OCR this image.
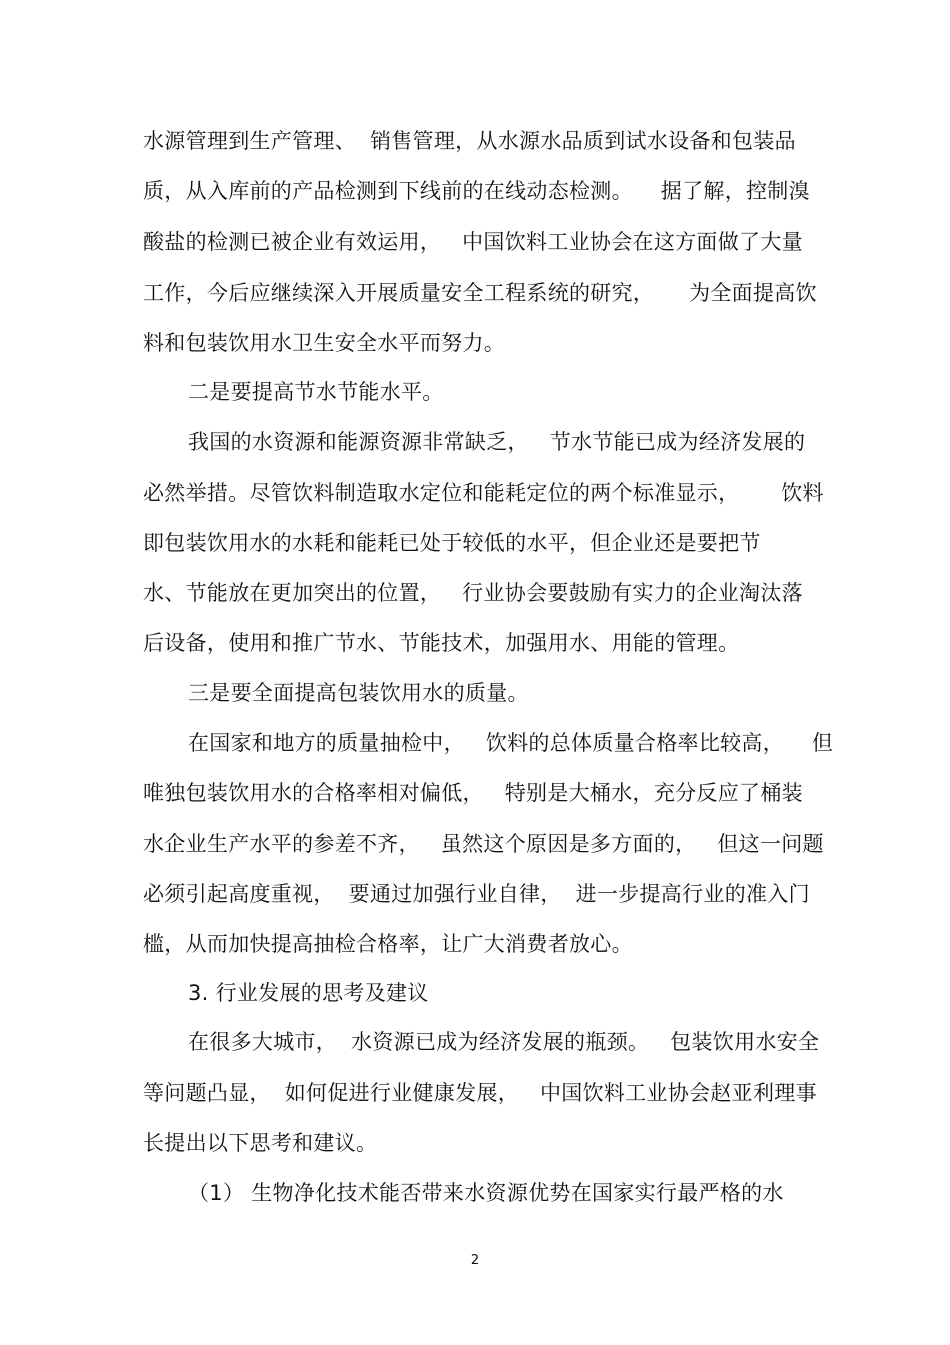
水源管理到生产管理、  销售管理，从水源水品质到试水设备和包装品
质，从入库前的产品检测到下线前的在线动态检测。    据了解，控制溴
酸盐的检测已被企业有效运用，   中国饮料工业协会在这方面做了大量
工作，今后应继续深入开展质量安全工程系统的研究，     为全面提高饮
料和包装饮用水卫生安全水平而努力。
二是要提高节水节能水平。
我国的水资源和能源资源非常缺乏，   节水节能已成为经济发展的
必然举措。尽管饮料制造取水定位和能耗定位的两个标准显示，      饮料
即包装饮用水的水耗和能耗已处于较低的水平，但企业还是要把节
水、节能放在更加突出的位置，   行业协会要鼓励有实力的企业淘汰落
后设备，使用和推广节水、节能技术，加强用水、用能的管理。
三是要全面提高包装饮用水的质量。
在国家和地方的质量抽检中，   饮料的总体质量合格率比较高，    但
唯独包装饮用水的合格率相对偏低，   特别是大桶水，充分反应了桶装
水企业生产水平的参差不齐，   虽然这个原因是多方面的，   但这一问题
必须引起高度重视，  要通过加强行业自律，  进一步提高行业的准入门
槛，从而加快提高抽检合格率，让广大消费者放心。
3. 行业发展的思考及建议
在很多大城市，  水资源已成为经济发展的瓶颈。   包装饮用水安全
等问题凸显，  如何促进行业健康发展，   中国饮料工业协会赵亚利理事
长提出以下思考和建议。
（1） 生物净化技术能否带来水资源优势在国家实行最严格的水
2
